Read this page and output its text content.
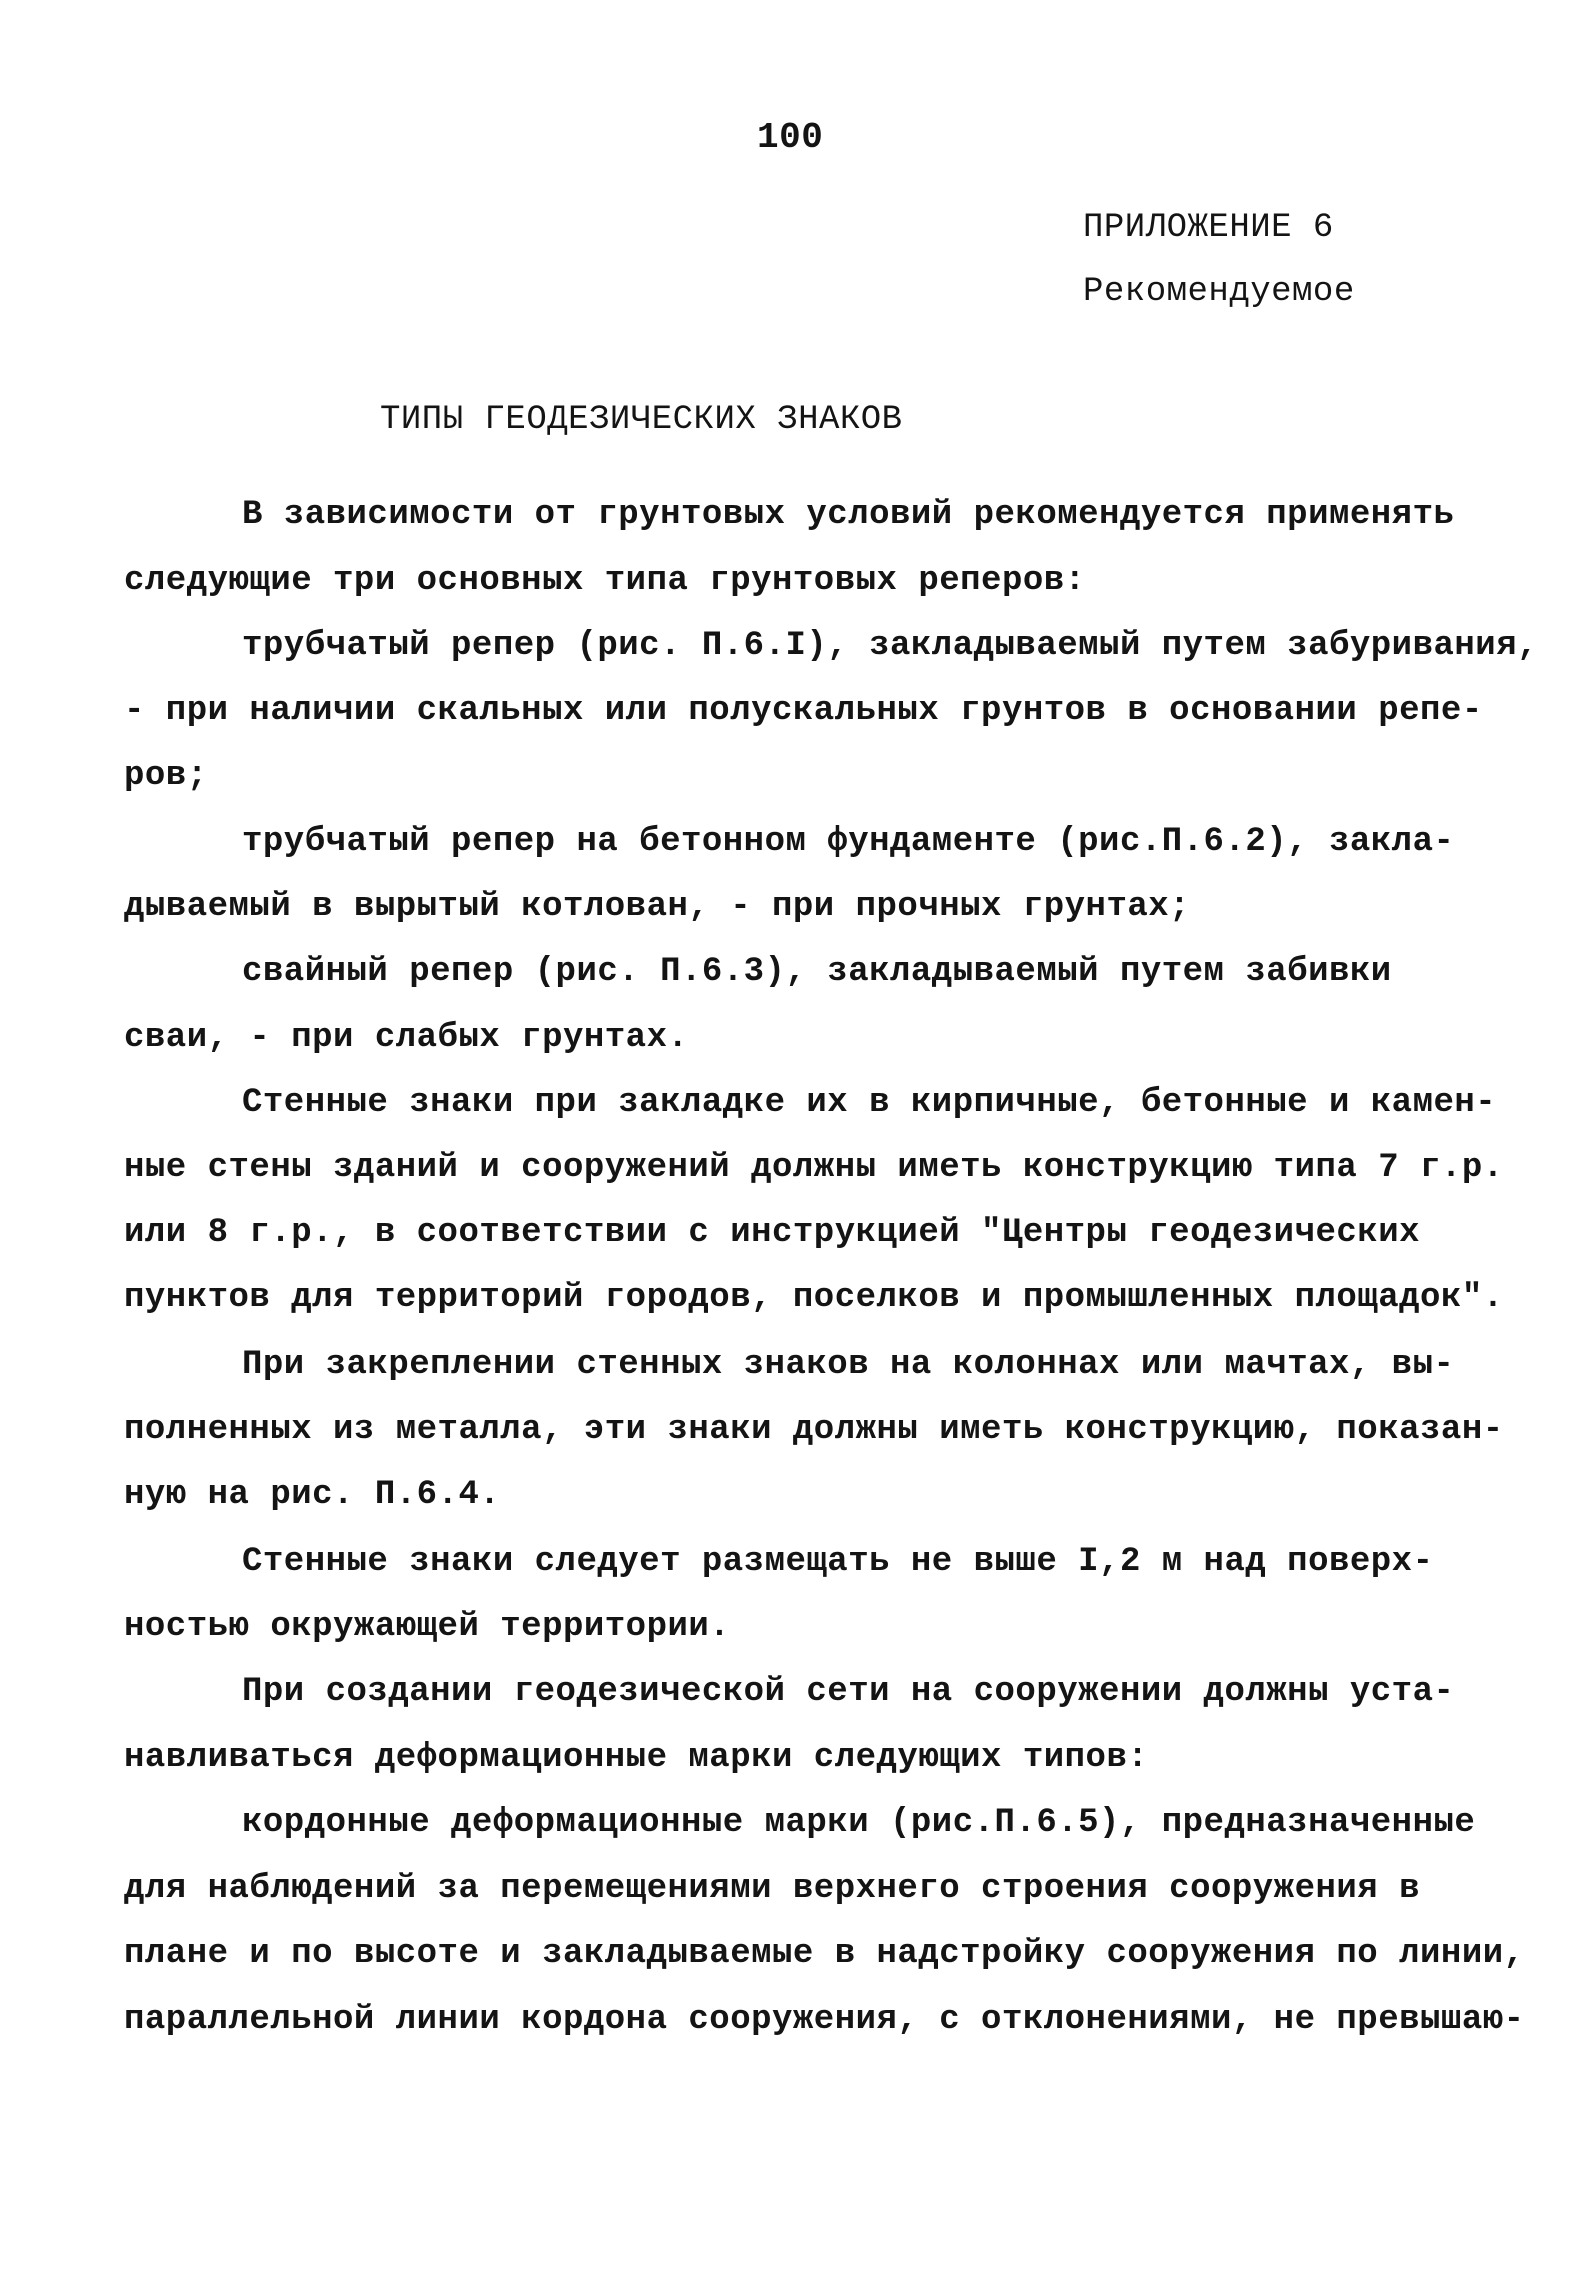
100
ПРИЛОЖЕНИЕ 6
Рекомендуемое
ТИПЫ ГЕОДЕЗИЧЕСКИХ ЗНАКОВ
В зависимости от грунтовых условий рекомендуется применять
следующие три основных типа грунтовых реперов:
трубчатый репер (рис. П.6.I), закладываемый путем забуривания,
- при наличии скальных или полускальных грунтов в основании репе-
ров;
трубчатый репер на бетонном фундаменте (рис.П.6.2), закла-
дываемый в вырытый котлован, - при прочных грунтах;
свайный репер (рис. П.6.3), закладываемый путем забивки
сваи, - при слабых грунтах.
Стенные знаки при закладке их в кирпичные, бетонные и камен-
ные стены зданий и сооружений должны иметь конструкцию типа 7 г.р.
или 8 г.р., в соответствии с инструкцией "Центры геодезических
пунктов для территорий городов, поселков и промышленных площадок".
При закреплении стенных знаков на колоннах или мачтах, вы-
полненных из металла, эти знаки должны иметь конструкцию, показан-
ную на рис. П.6.4.
Стенные знаки следует размещать не выше I,2 м над поверх-
ностью окружающей территории.
При создании геодезической сети на сооружении должны уста-
навливаться деформационные марки следующих типов:
кордонные деформационные марки (рис.П.6.5), предназначенные
для наблюдений за перемещениями верхнего строения сооружения в
плане и по высоте и закладываемые в надстройку сооружения по линии,
параллельной линии кордона сооружения, с отклонениями, не превышаю-
